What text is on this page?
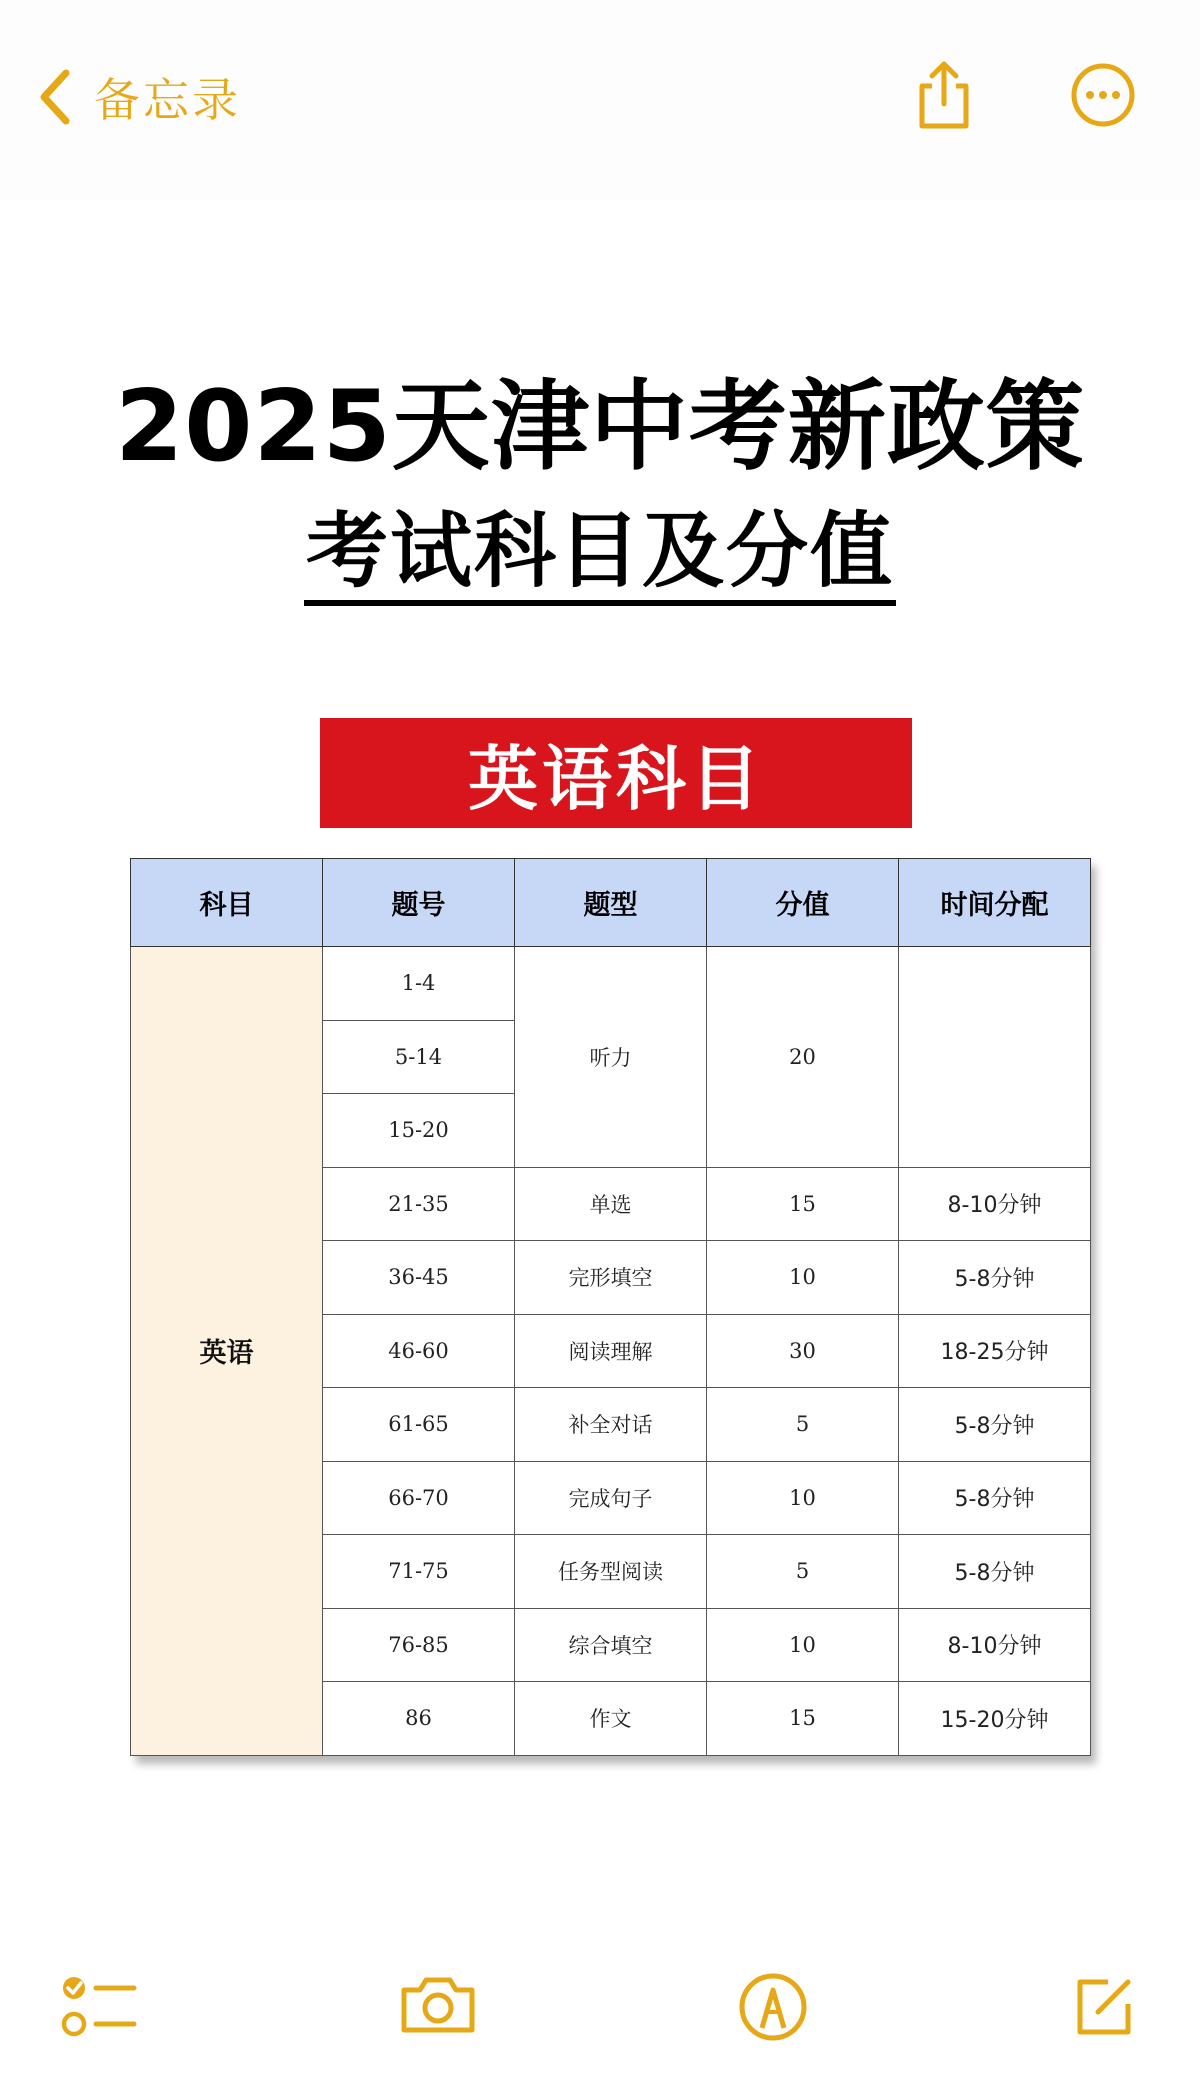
备忘录
2025天津中考新政策
考试科目及分值
英语科目
科目	题号	题型	分值	时间分配
英语	1-4	听力	20	
	5-14			
	15-20			
	21-35	单选	15	8-10分钟
	36-45	完形填空	10	5-8分钟
	46-60	阅读理解	30	18-25分钟
	61-65	补全对话	5	5-8分钟
	66-70	完成句子	10	5-8分钟
	71-75	任务型阅读	5	5-8分钟
	76-85	综合填空	10	8-10分钟
	86	作文	15	15-20分钟
